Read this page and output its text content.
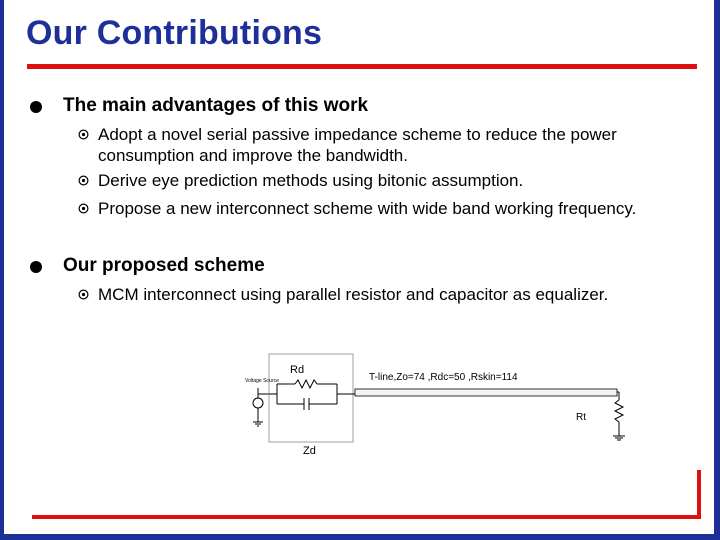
Our Contributions
The main advantages of this work
Adopt a novel serial passive impedance scheme to reduce the power consumption and improve the bandwidth.
Derive eye prediction methods using bitonic assumption.
Propose a new interconnect scheme with wide band working frequency.
Our proposed scheme
MCM interconnect using parallel resistor and capacitor as equalizer.
Voltage Source
Rd
Zd
T-line,Zo=74 ,Rdc=50 ,Rskin=114
Rt
